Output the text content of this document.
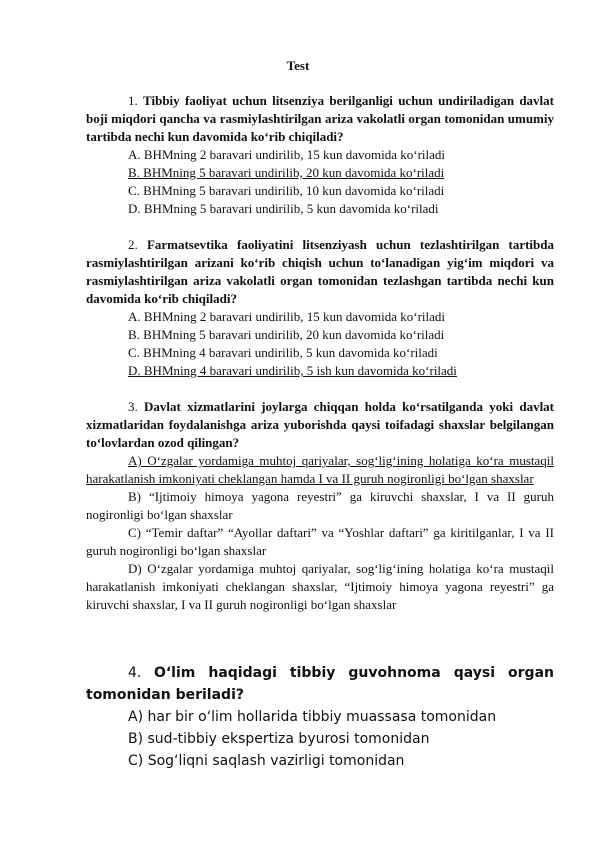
Test

1. Tibbiy faoliyat uchun litsenziya berilganligi uchun undiriladigan davlat boji miqdori qancha va rasmiylashtirilgan ariza vakolatli organ tomonidan umumiy tartibda nechi kun davomida ko‘rib chiqiladi?

A. BHMning 2 baravari undirilib, 15 kun davomida ko‘riladi

B. BHMning 5 baravari undirilib, 20 kun davomida ko‘riladi

C. BHMning 5 baravari undirilib, 10 kun davomida ko‘riladi

D. BHMning 5 baravari undirilib, 5 kun davomida ko‘riladi

2. Farmatsevtika faoliyatini litsenziyash uchun tezlashtirilgan tartibda rasmiylashtirilgan arizani ko‘rib chiqish uchun to‘lanadigan yig‘im miqdori va rasmiylashtirilgan ariza vakolatli organ tomonidan tezlashgan tartibda nechi kun davomida ko‘rib chiqiladi?

A. BHMning 2 baravari undirilib, 15 kun davomida ko‘riladi

B. BHMning 5 baravari undirilib, 20 kun davomida ko‘riladi

C. BHMning 4 baravari undirilib, 5 kun davomida ko‘riladi

D. BHMning 4 baravari undirilib, 5 ish kun davomida ko‘riladi

3. Davlat xizmatlarini joylarga chiqqan holda ko‘rsatilganda yoki davlat xizmatlaridan foydalanishga ariza yuborishda qaysi toifadagi shaxslar belgilangan to‘lovlardan ozod qilingan?

A) O‘zgalar yordamiga muhtoj qariyalar, sog‘lig‘ining holatiga ko‘ra mustaqil harakatlanish imkoniyati cheklangan hamda I va II guruh nogironligi bo‘lgan shaxslar

B) “Ijtimoiy himoya yagona reyestri” ga kiruvchi shaxslar, I va II guruh nogironligi bo‘lgan shaxslar

C) “Temir daftar” “Ayollar daftari” va “Yoshlar daftari” ga kiritilganlar, I va II guruh nogironligi bo‘lgan shaxslar

D) O‘zgalar yordamiga muhtoj qariyalar, sog‘lig‘ining holatiga ko‘ra mustaqil harakatlanish imkoniyati cheklangan shaxslar, “Ijtimoiy himoya yagona reyestri” ga kiruvchi shaxslar, I va II guruh nogironligi bo‘lgan shaxslar

4. O‘lim haqidagi tibbiy guvohnoma qaysi organ tomonidan beriladi?

A) har bir o‘lim hollarida tibbiy muassasa tomonidan

B) sud-tibbiy ekspertiza byurosi tomonidan

C) Sog‘liqni saqlash vazirligi tomonidan
